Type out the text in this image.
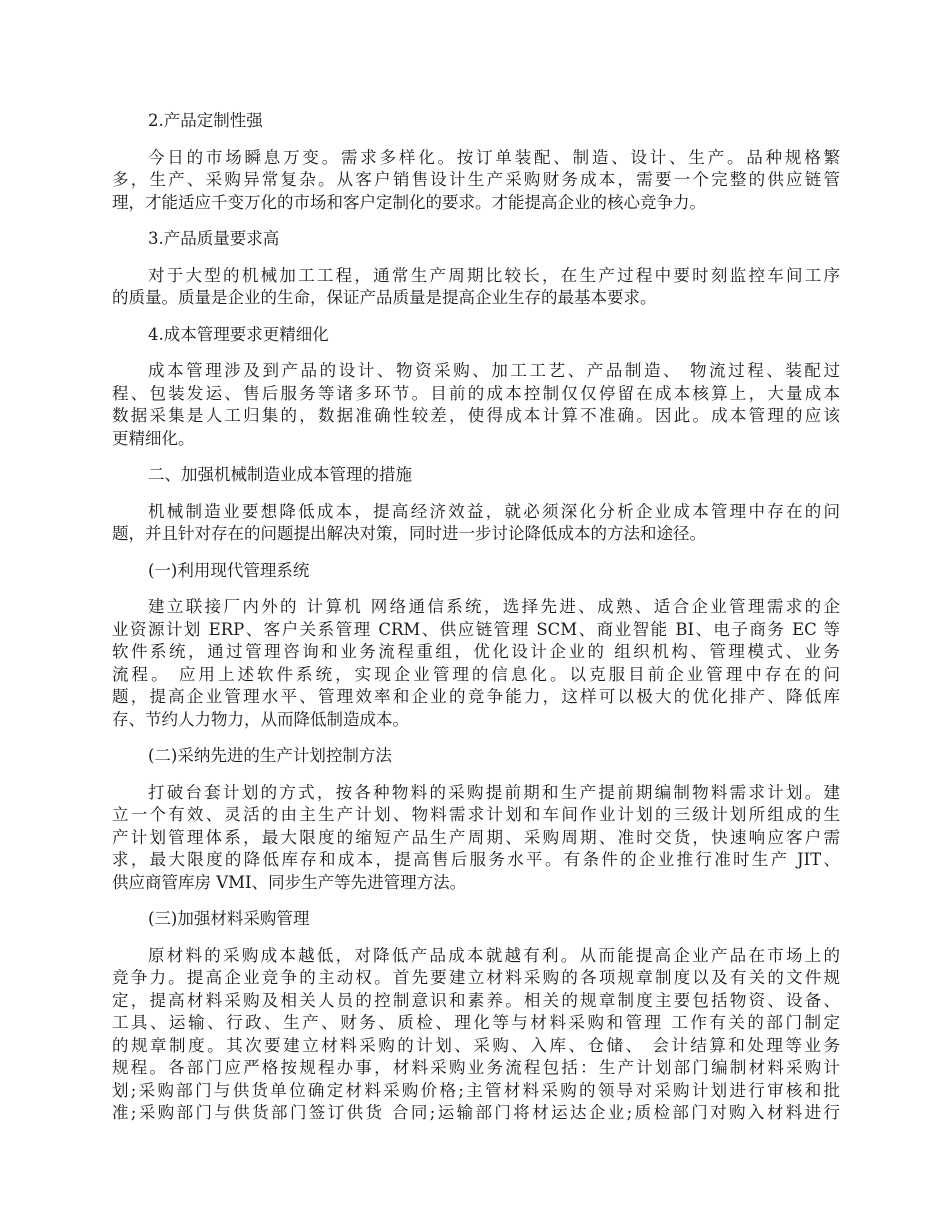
2.产品定制性强
今日的市场瞬息万变。需求多样化。按订单装配、制造、设计、生产。品种规格繁
多，生产、采购异常复杂。从客户销售设计生产采购财务成本，需要一个完整的供应链管
理，才能适应千变万化的市场和客户定制化的要求。才能提高企业的核心竞争力。
3.产品质量要求高
对于大型的机械加工工程，通常生产周期比较长，在生产过程中要时刻监控车间工序
的质量。质量是企业的生命，保证产品质量是提高企业生存的最基本要求。
4.成本管理要求更精细化
成本管理涉及到产品的设计、物资采购、加工工艺、产品制造、 物流过程、装配过
程、包装发运、售后服务等诸多环节。目前的成本控制仅仅停留在成本核算上，大量成本
数据采集是人工归集的，数据准确性较差，使得成本计算不准确。因此。成本管理的应该
更精细化。
二、加强机械制造业成本管理的措施
机械制造业要想降低成本，提高经济效益，就必须深化分析企业成本管理中存在的问
题，并且针对存在的问题提出解决对策，同时进一步讨论降低成本的方法和途径。
(一)利用现代管理系统
建立联接厂内外的 计算机 网络通信系统，选择先进、成熟、适合企业管理需求的企
业资源计划 ERP、客户关系管理 CRM、供应链管理 SCM、商业智能 BI、电子商务 EC 等
软件系统，通过管理咨询和业务流程重组，优化设计企业的 组织机构、管理模式、业务
流程。 应用上述软件系统，实现企业管理的信息化。以克服目前企业管理中存在的问
题，提高企业管理水平、管理效率和企业的竞争能力，这样可以极大的优化排产、降低库
存、节约人力物力，从而降低制造成本。
(二)采纳先进的生产计划控制方法
打破台套计划的方式，按各种物料的采购提前期和生产提前期编制物料需求计划。建
立一个有效、灵活的由主生产计划、物料需求计划和车间作业计划的三级计划所组成的生
产计划管理体系，最大限度的缩短产品生产周期、采购周期、准时交货，快速响应客户需
求，最大限度的降低库存和成本，提高售后服务水平。有条件的企业推行准时生产 JIT、
供应商管库房 VMI、同步生产等先进管理方法。
(三)加强材料采购管理
原材料的采购成本越低，对降低产品成本就越有利。从而能提高企业产品在市场上的
竞争力。提高企业竞争的主动权。首先要建立材料采购的各项规章制度以及有关的文件规
定，提高材料采购及相关人员的控制意识和素养。相关的规章制度主要包括物资、设备、
工具、运输、行政、生产、财务、质检、理化等与材料采购和管理 工作有关的部门制定
的规章制度。其次要建立材料采购的计划、采购、入库、仓储、 会计结算和处理等业务
规程。各部门应严格按规程办事，材料采购业务流程包括：生产计划部门编制材料采购计
划;采购部门与供货单位确定材料采购价格;主管材料采购的领导对采购计划进行审核和批
准;采购部门与供货部门签订供货 合同;运输部门将材运达企业;质检部门对购入材料进行
